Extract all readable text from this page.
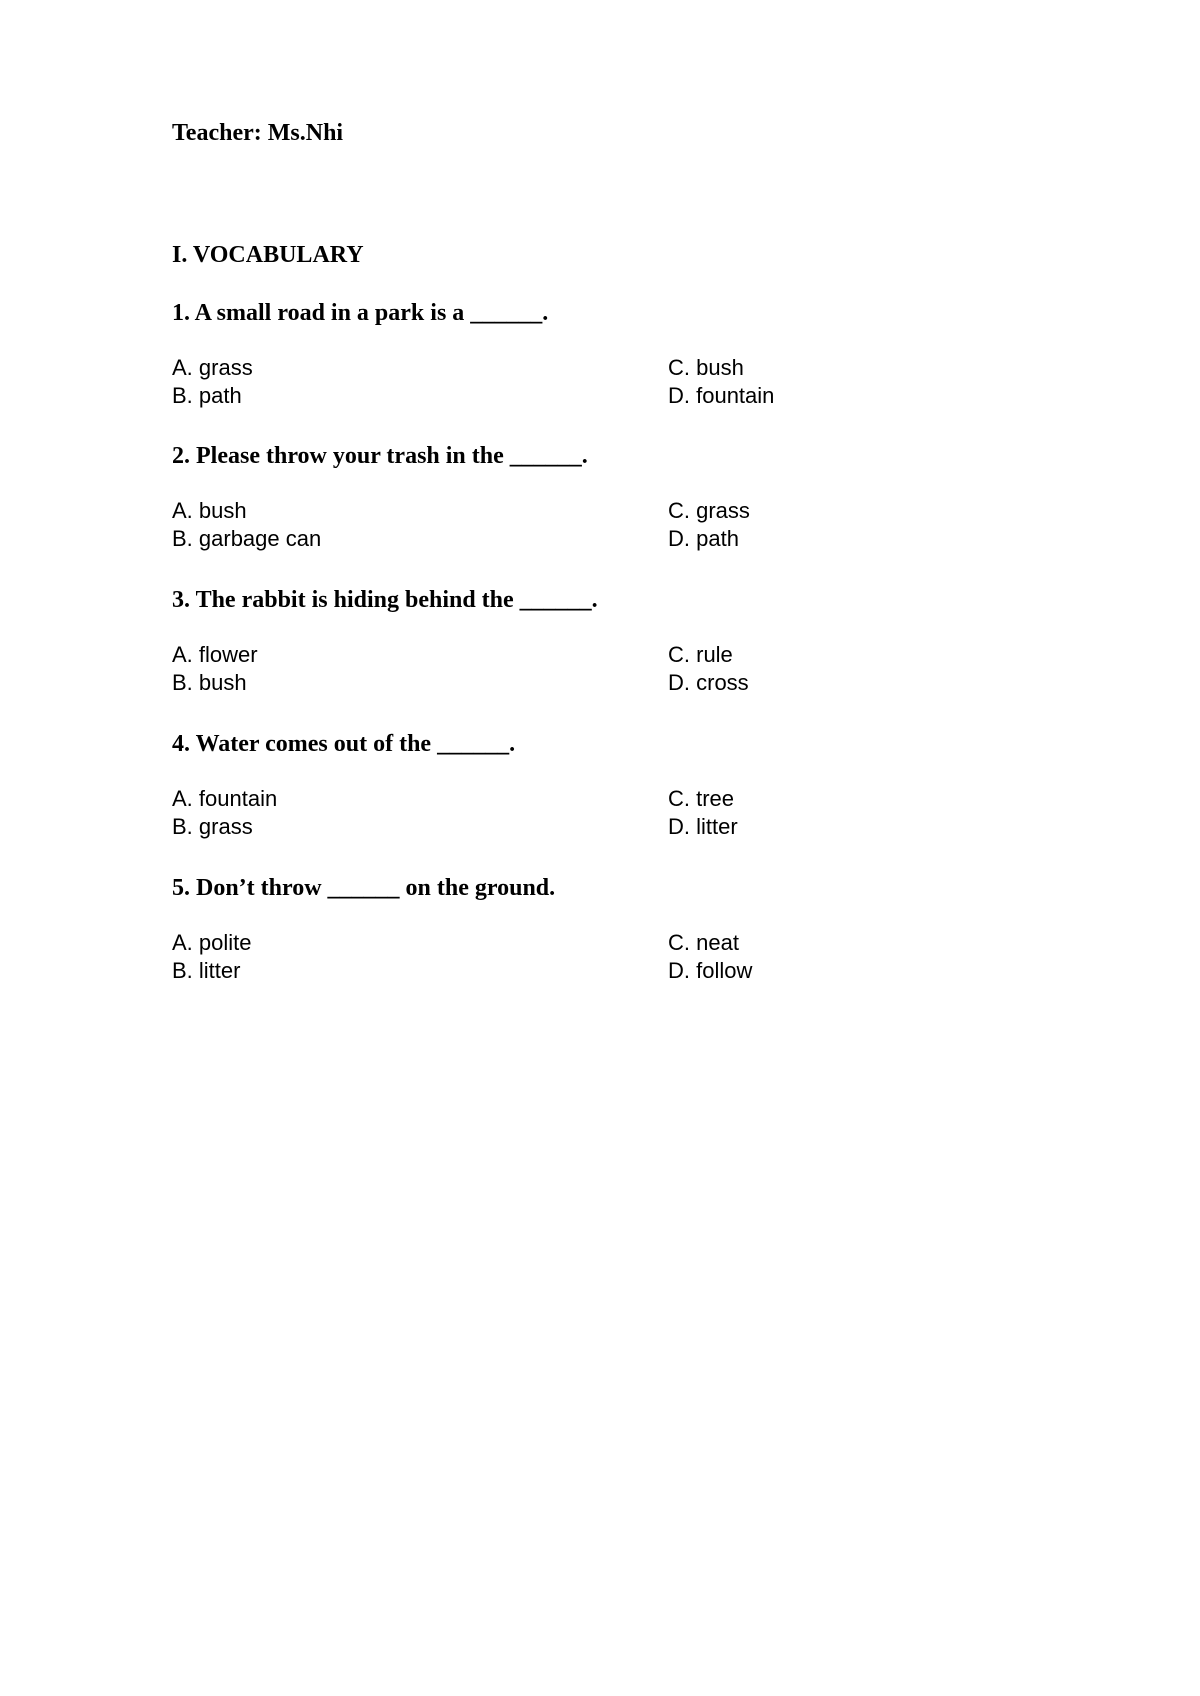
Teacher: Ms.Nhi
I. VOCABULARY

1. A small road in a park is a ______.

A. grass
B. path
C. bush
D. fountain

2. Please throw your trash in the ______.

A. bush
B. garbage can
C. grass
D. path

3. The rabbit is hiding behind the ______.

A. flower
B. bush
C. rule
D. cross

4. Water comes out of the ______.

A. fountain
B. grass
C. tree
D. litter

5. Don’t throw ______ on the ground.

A. polite
B. litter
C. neat
D. follow
